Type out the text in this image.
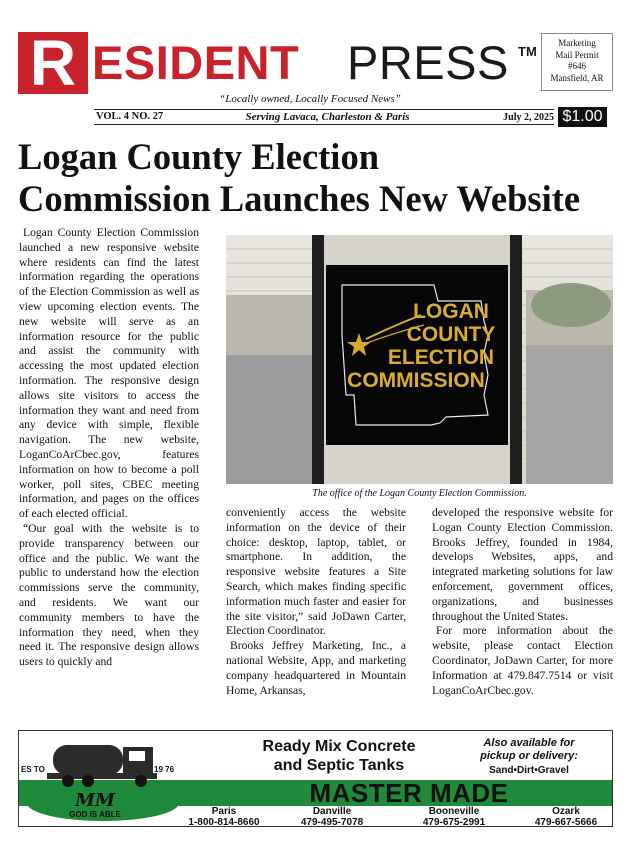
R ESIDENT PRESS TM
Marketing
Mail Permit
#646
Mansfield, AR
“Locally owned, Locally Focused News”
VOL. 4 NO. 27	Serving Lavaca, Charleston & Paris	July 2, 2025 $1.00
Logan County Election
Commission Launches New Website

Logan County Election Commission launched a new responsive website where residents can find the latest information regarding the operations of the Election Commission as well as view upcoming election events. The new website will serve as an information resource for the public and assist the community with accessing the most updated election information. The responsive design allows site visitors to access the information they want and need from any device with simple, flexible navigation. The new website, LoganCoArCbec.gov, features information on how to become a poll worker, poll sites, CBEC meeting information, and pages on the offices of each elected official.

“Our goal with the website is to provide transparency between our office and the public. We want the public to understand how the election commissions serve the community, and residents. We want our community members to have the information they need, when they need it. The responsive design allows users to quickly and

LOGAN
COUNTY
ELECTION
COMMISSION
The office of the Logan County Election Commission.

conveniently access the website information on the device of their choice: desktop, laptop, tablet, or smartphone. In addition, the responsive website features a Site Search, which makes finding specific information much faster and easier for the site visitor,” said JoDawn Carter, Election Coordinator.

Brooks Jeffrey Marketing, Inc., a national Website, App, and marketing company headquartered in Mountain Home, Arkansas,

developed the responsive website for Logan County Election Commission. Brooks Jeffrey, founded in 1984, develops Websites, apps, and integrated marketing solutions for law enforcement, government offices, organizations, and businesses throughout the United States.

For more information about the website, please contact Election Coordinator, JoDawn Carter, for more Information at 479.847.7514 or visit LoganCoArCbec.gov.

MM
GOD IS ABLE
ES TO	19 76
Ready Mix Concrete
and Septic Tanks
Also available for
pickup or delivery:
Sand•Dirt•Gravel
MASTER MADE
Paris
1-800-814-8660
Danville
479-495-7078
Booneville
479-675-2991
Ozark
479-667-5666
